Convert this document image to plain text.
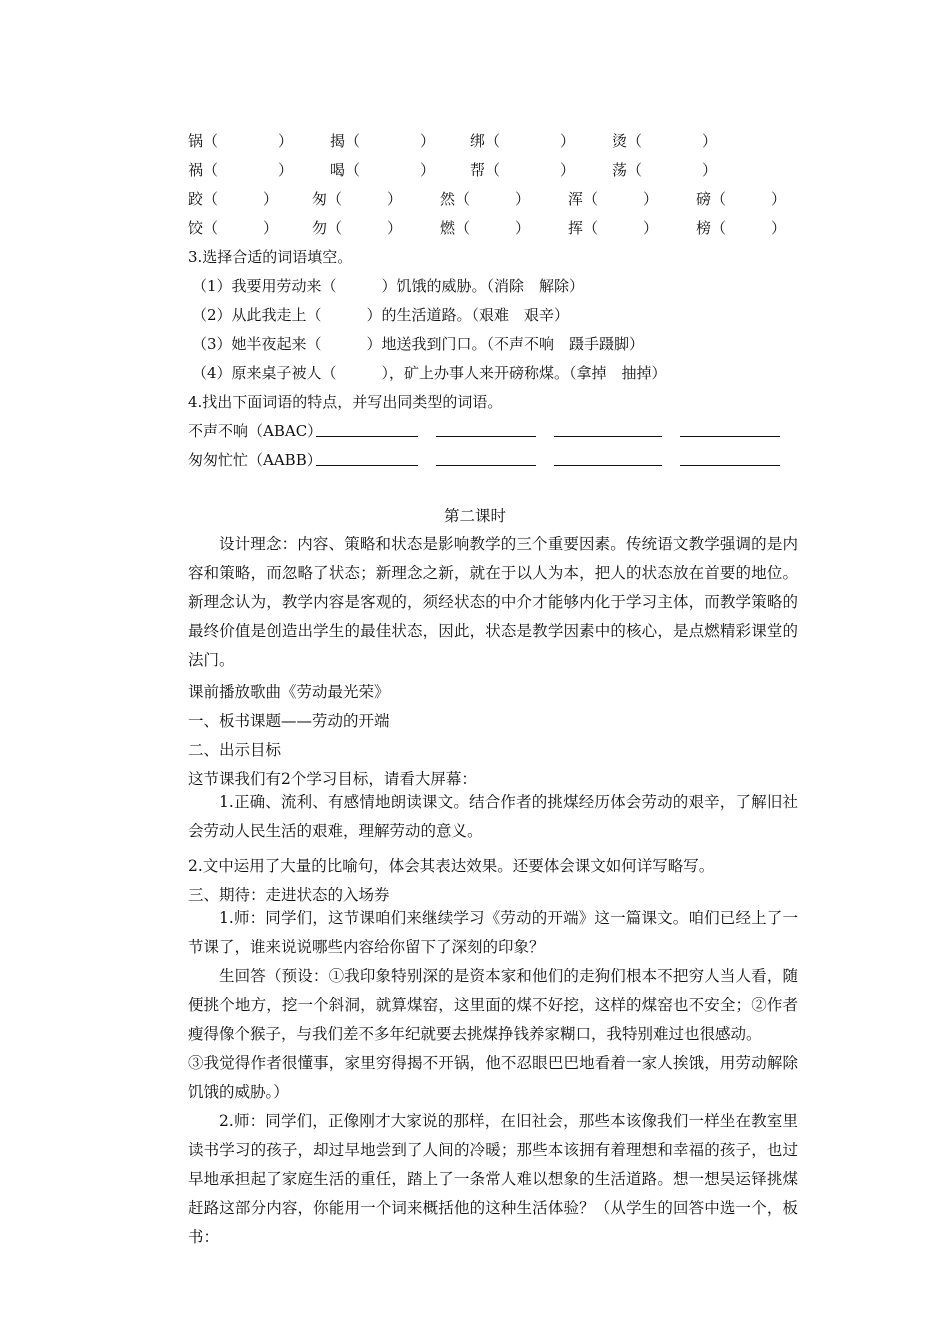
锅（　　　　） 揭（　　　　） 绑（　　　　） 烫（　　　　）
祸（　　　　） 喝（　　　　） 帮（　　　　） 荡（　　　　）
跤（　　　） 匆（　　　）	然（　　　）	浑（　　　）	磅（　　　）
饺（　　　） 勿（　　　）	燃（　　　）	挥（　　　）	榜（　　　）
3.选择合适的词语填空。
（1）我要用劳动来（　　　）饥饿的威胁。（消除　解除）
（2）从此我走上（　　　）的生活道路。（艰难　艰辛）
（3）她半夜起来（　　　）地送我到门口。（不声不响　蹑手蹑脚）
（4）原来桌子被人（　　　），矿上办事人来开磅称煤。（拿掉　抽掉）
4.找出下面词语的特点，并写出同类型的词语。
不声不响（ABAC）
匆匆忙忙（AABB）
第二课时

设计理念：内容、策略和状态是影响教学的三个重要因素。传统语文教学强调的是内容和策略，而忽略了状态；新理念之新，就在于以人为本，把人的状态放在首要的地位。新理念认为，教学内容是客观的，须经状态的中介才能够内化于学习主体，而教学策略的最终价值是创造出学生的最佳状态，因此，状态是教学因素中的核心，是点燃精彩课堂的法门。

课前播放歌曲《劳动最光荣》
一、板书课题——劳动的开端
二、出示目标
这节课我们有2个学习目标，请看大屏幕：

1.正确、流利、有感情地朗读课文。结合作者的挑煤经历体会劳动的艰辛，了解旧社会劳动人民生活的艰难，理解劳动的意义。

2.文中运用了大量的比喻句，体会其表达效果。还要体会课文如何详写略写。
三、期待：走进状态的入场券

1.师：同学们，这节课咱们来继续学习《劳动的开端》这一篇课文。咱们已经上了一节课了，谁来说说哪些内容给你留下了深刻的印象？

生回答（预设：①我印象特别深的是资本家和他们的走狗们根本不把穷人当人看，随便挑个地方，挖一个斜洞，就算煤窑，这里面的煤不好挖，这样的煤窑也不安全；②作者瘦得像个猴子，与我们差不多年纪就要去挑煤挣钱养家糊口，我特别难过也很感动。

③我觉得作者很懂事，家里穷得揭不开锅，他不忍眼巴巴地看着一家人挨饿，用劳动解除饥饿的威胁。）

2.师：同学们，正像刚才大家说的那样，在旧社会，那些本该像我们一样坐在教室里读书学习的孩子，却过早地尝到了人间的冷暖；那些本该拥有着理想和幸福的孩子，也过早地承担起了家庭生活的重任，踏上了一条常人难以想象的生活道路。想一想吴运铎挑煤赶路这部分内容，你能用一个词来概括他的这种生活体验？（从学生的回答中选一个，板书：
